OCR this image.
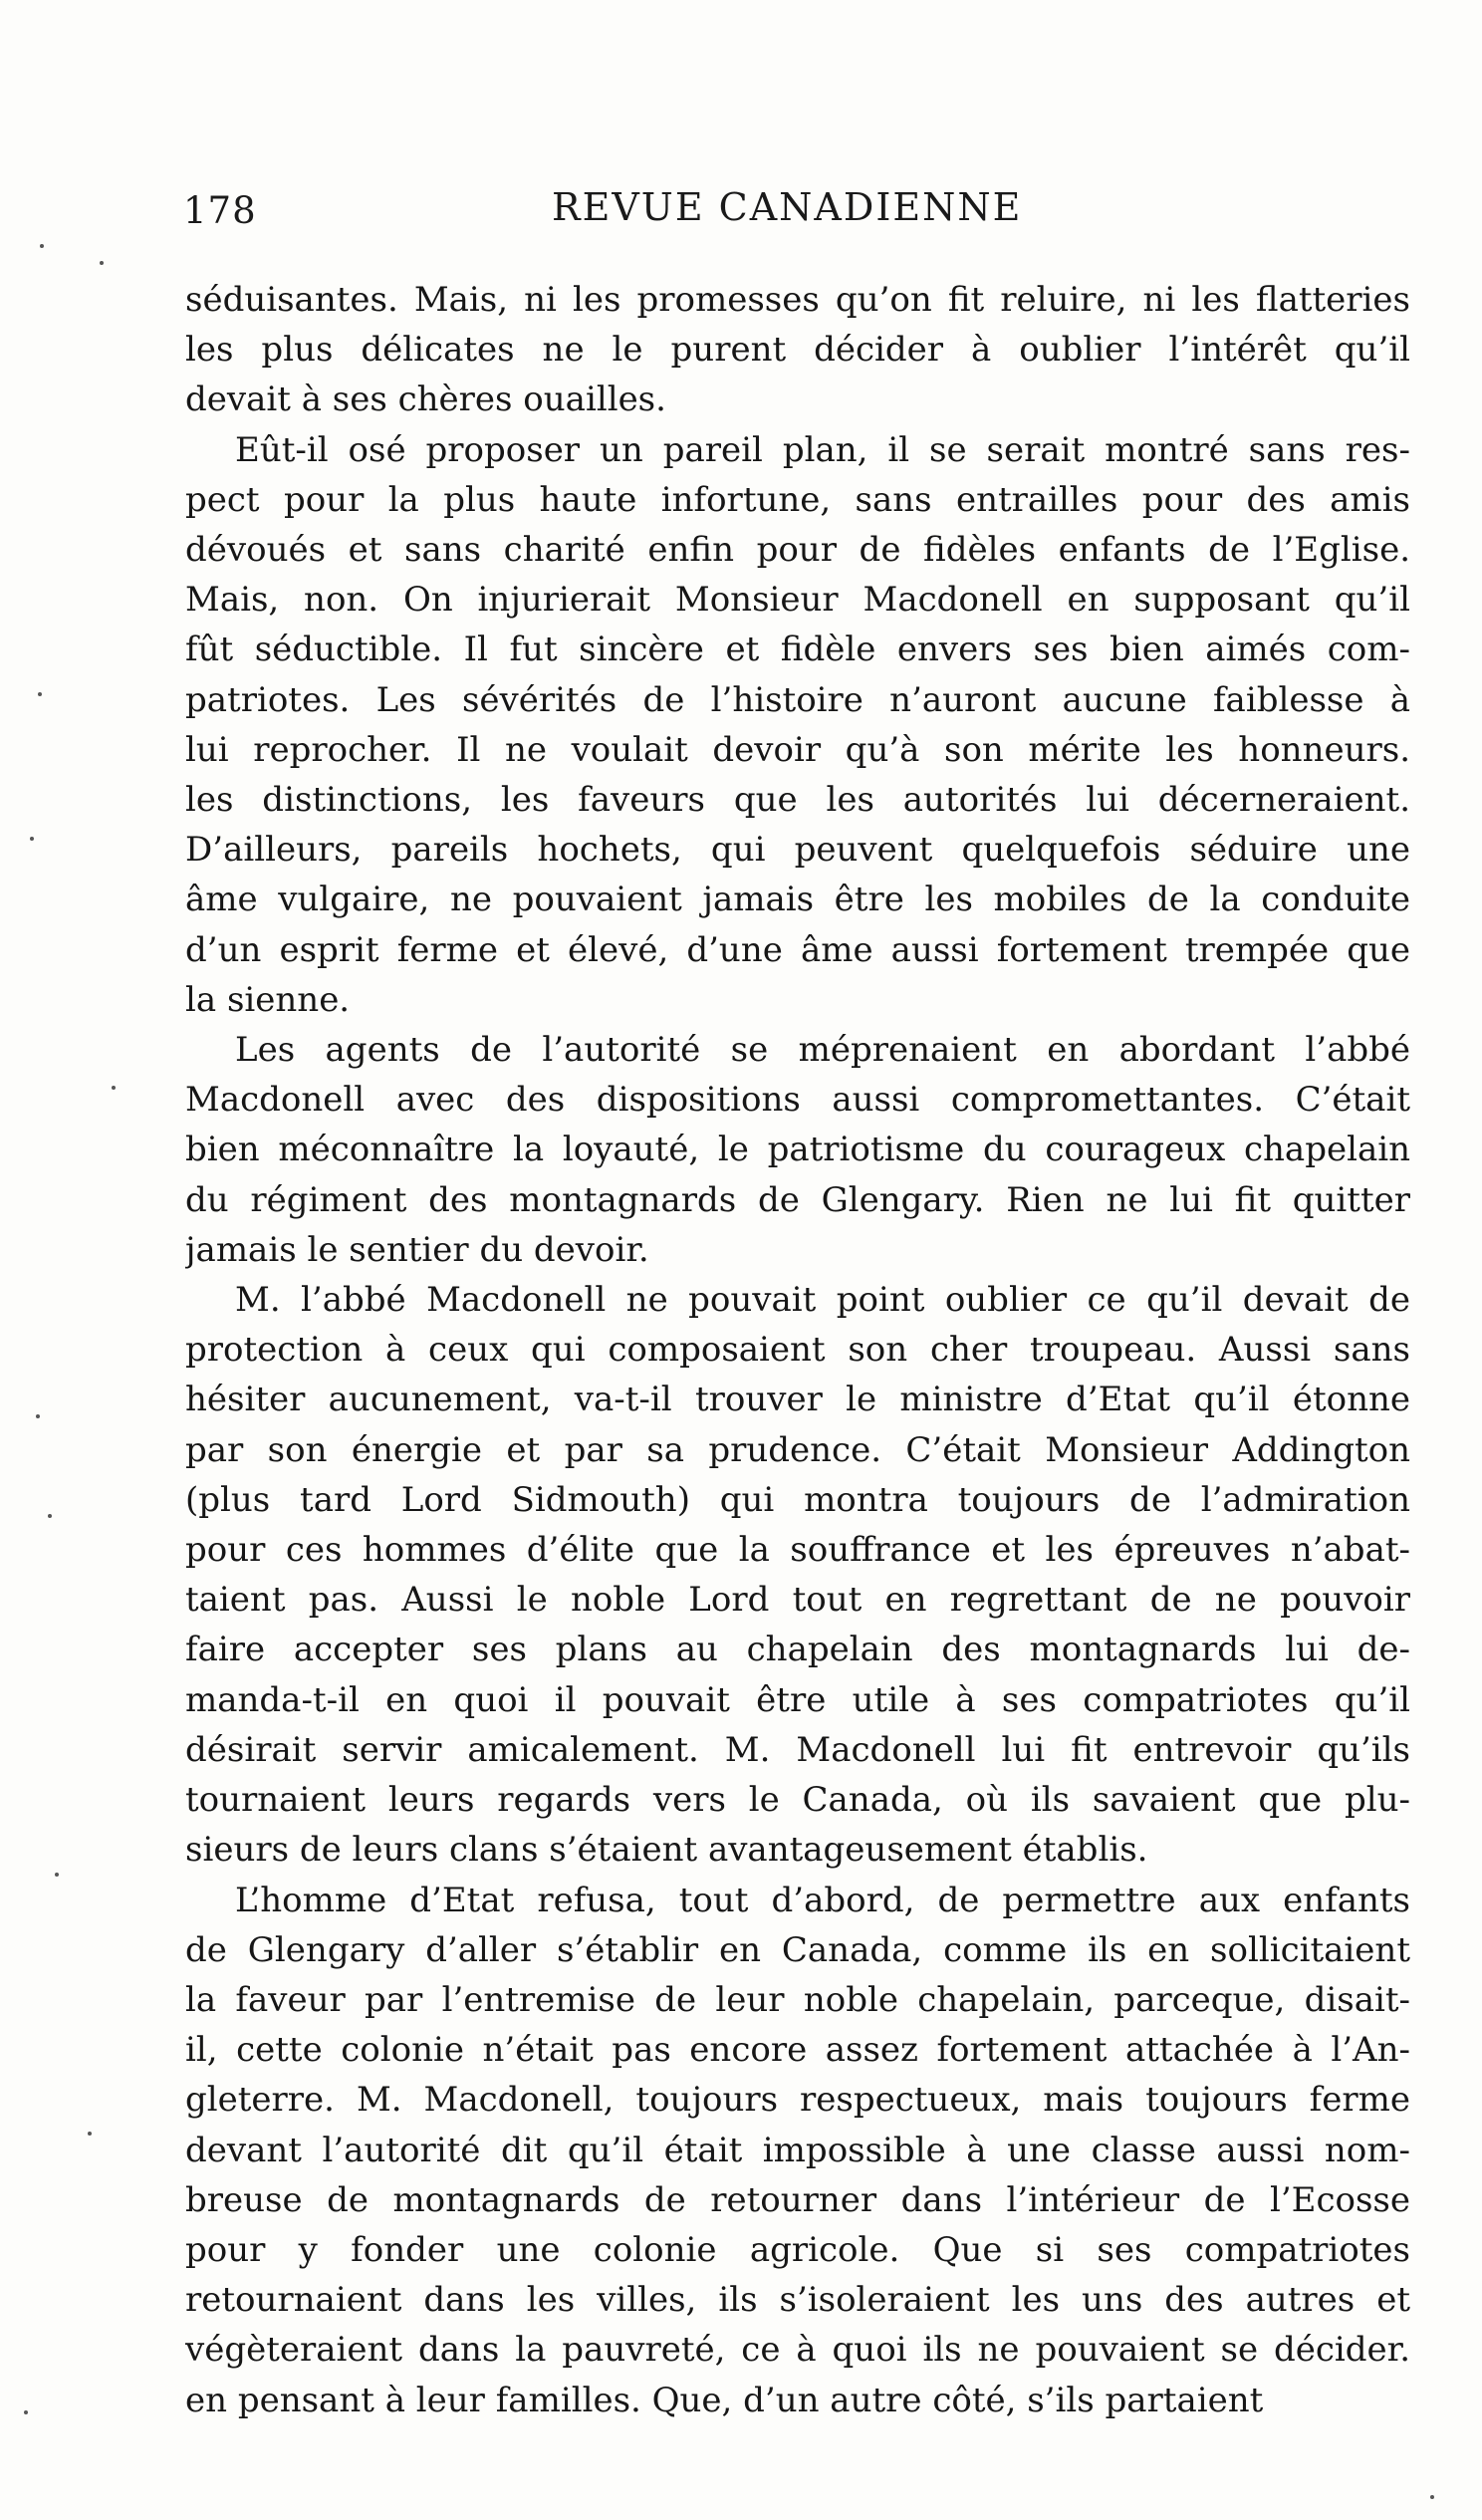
178	REVUE CANADIENNE
séduisantes. Mais, ni les promesses qu’on fit reluire, ni les flatteries
les plus délicates ne le purent décider à oublier l’intérêt qu’il
devait à ses chères ouailles.
Eût-il osé proposer un pareil plan, il se serait montré sans res-
pect pour la plus haute infortune, sans entrailles pour des amis
dévoués et sans charité enfin pour de fidèles enfants de l’Eglise.
Mais, non. On injurierait Monsieur Macdonell en supposant qu’il
fût séductible. Il fut sincère et fidèle envers ses bien aimés com-
patriotes. Les sévérités de l’histoire n’auront aucune faiblesse à
lui reprocher. Il ne voulait devoir qu’à son mérite les honneurs.
les distinctions, les faveurs que les autorités lui décerneraient.
D’ailleurs, pareils hochets, qui peuvent quelquefois séduire une
âme vulgaire, ne pouvaient jamais être les mobiles de la conduite
d’un esprit ferme et élevé, d’une âme aussi fortement trempée que
la sienne.
Les agents de l’autorité se méprenaient en abordant l’abbé
Macdonell avec des dispositions aussi compromettantes. C’était
bien méconnaître la loyauté, le patriotisme du courageux chapelain
du régiment des montagnards de Glengary. Rien ne lui fit quitter
jamais le sentier du devoir.
M. l’abbé Macdonell ne pouvait point oublier ce qu’il devait de
protection à ceux qui composaient son cher troupeau. Aussi sans
hésiter aucunement, va-t-il trouver le ministre d’Etat qu’il étonne
par son énergie et par sa prudence. C’était Monsieur Addington
(plus tard Lord Sidmouth) qui montra toujours de l’admiration
pour ces hommes d’élite que la souffrance et les épreuves n’abat-
taient pas. Aussi le noble Lord tout en regrettant de ne pouvoir
faire accepter ses plans au chapelain des montagnards lui de-
manda-t-il en quoi il pouvait être utile à ses compatriotes qu’il
désirait servir amicalement. M. Macdonell lui fit entrevoir qu’ils
tournaient leurs regards vers le Canada, où ils savaient que plu-
sieurs de leurs clans s’étaient avantageusement établis.
L’homme d’Etat refusa, tout d’abord, de permettre aux enfants
de Glengary d’aller s’établir en Canada, comme ils en sollicitaient
la faveur par l’entremise de leur noble chapelain, parceque, disait-
il, cette colonie n’était pas encore assez fortement attachée à l’An-
gleterre. M. Macdonell, toujours respectueux, mais toujours ferme
devant l’autorité dit qu’il était impossible à une classe aussi nom-
breuse de montagnards de retourner dans l’intérieur de l’Ecosse
pour y fonder une colonie agricole. Que si ses compatriotes
retournaient dans les villes, ils s’isoleraient les uns des autres et
végèteraient dans la pauvreté, ce à quoi ils ne pouvaient se décider.
en pensant à leur familles. Que, d’un autre côté, s’ils partaient
